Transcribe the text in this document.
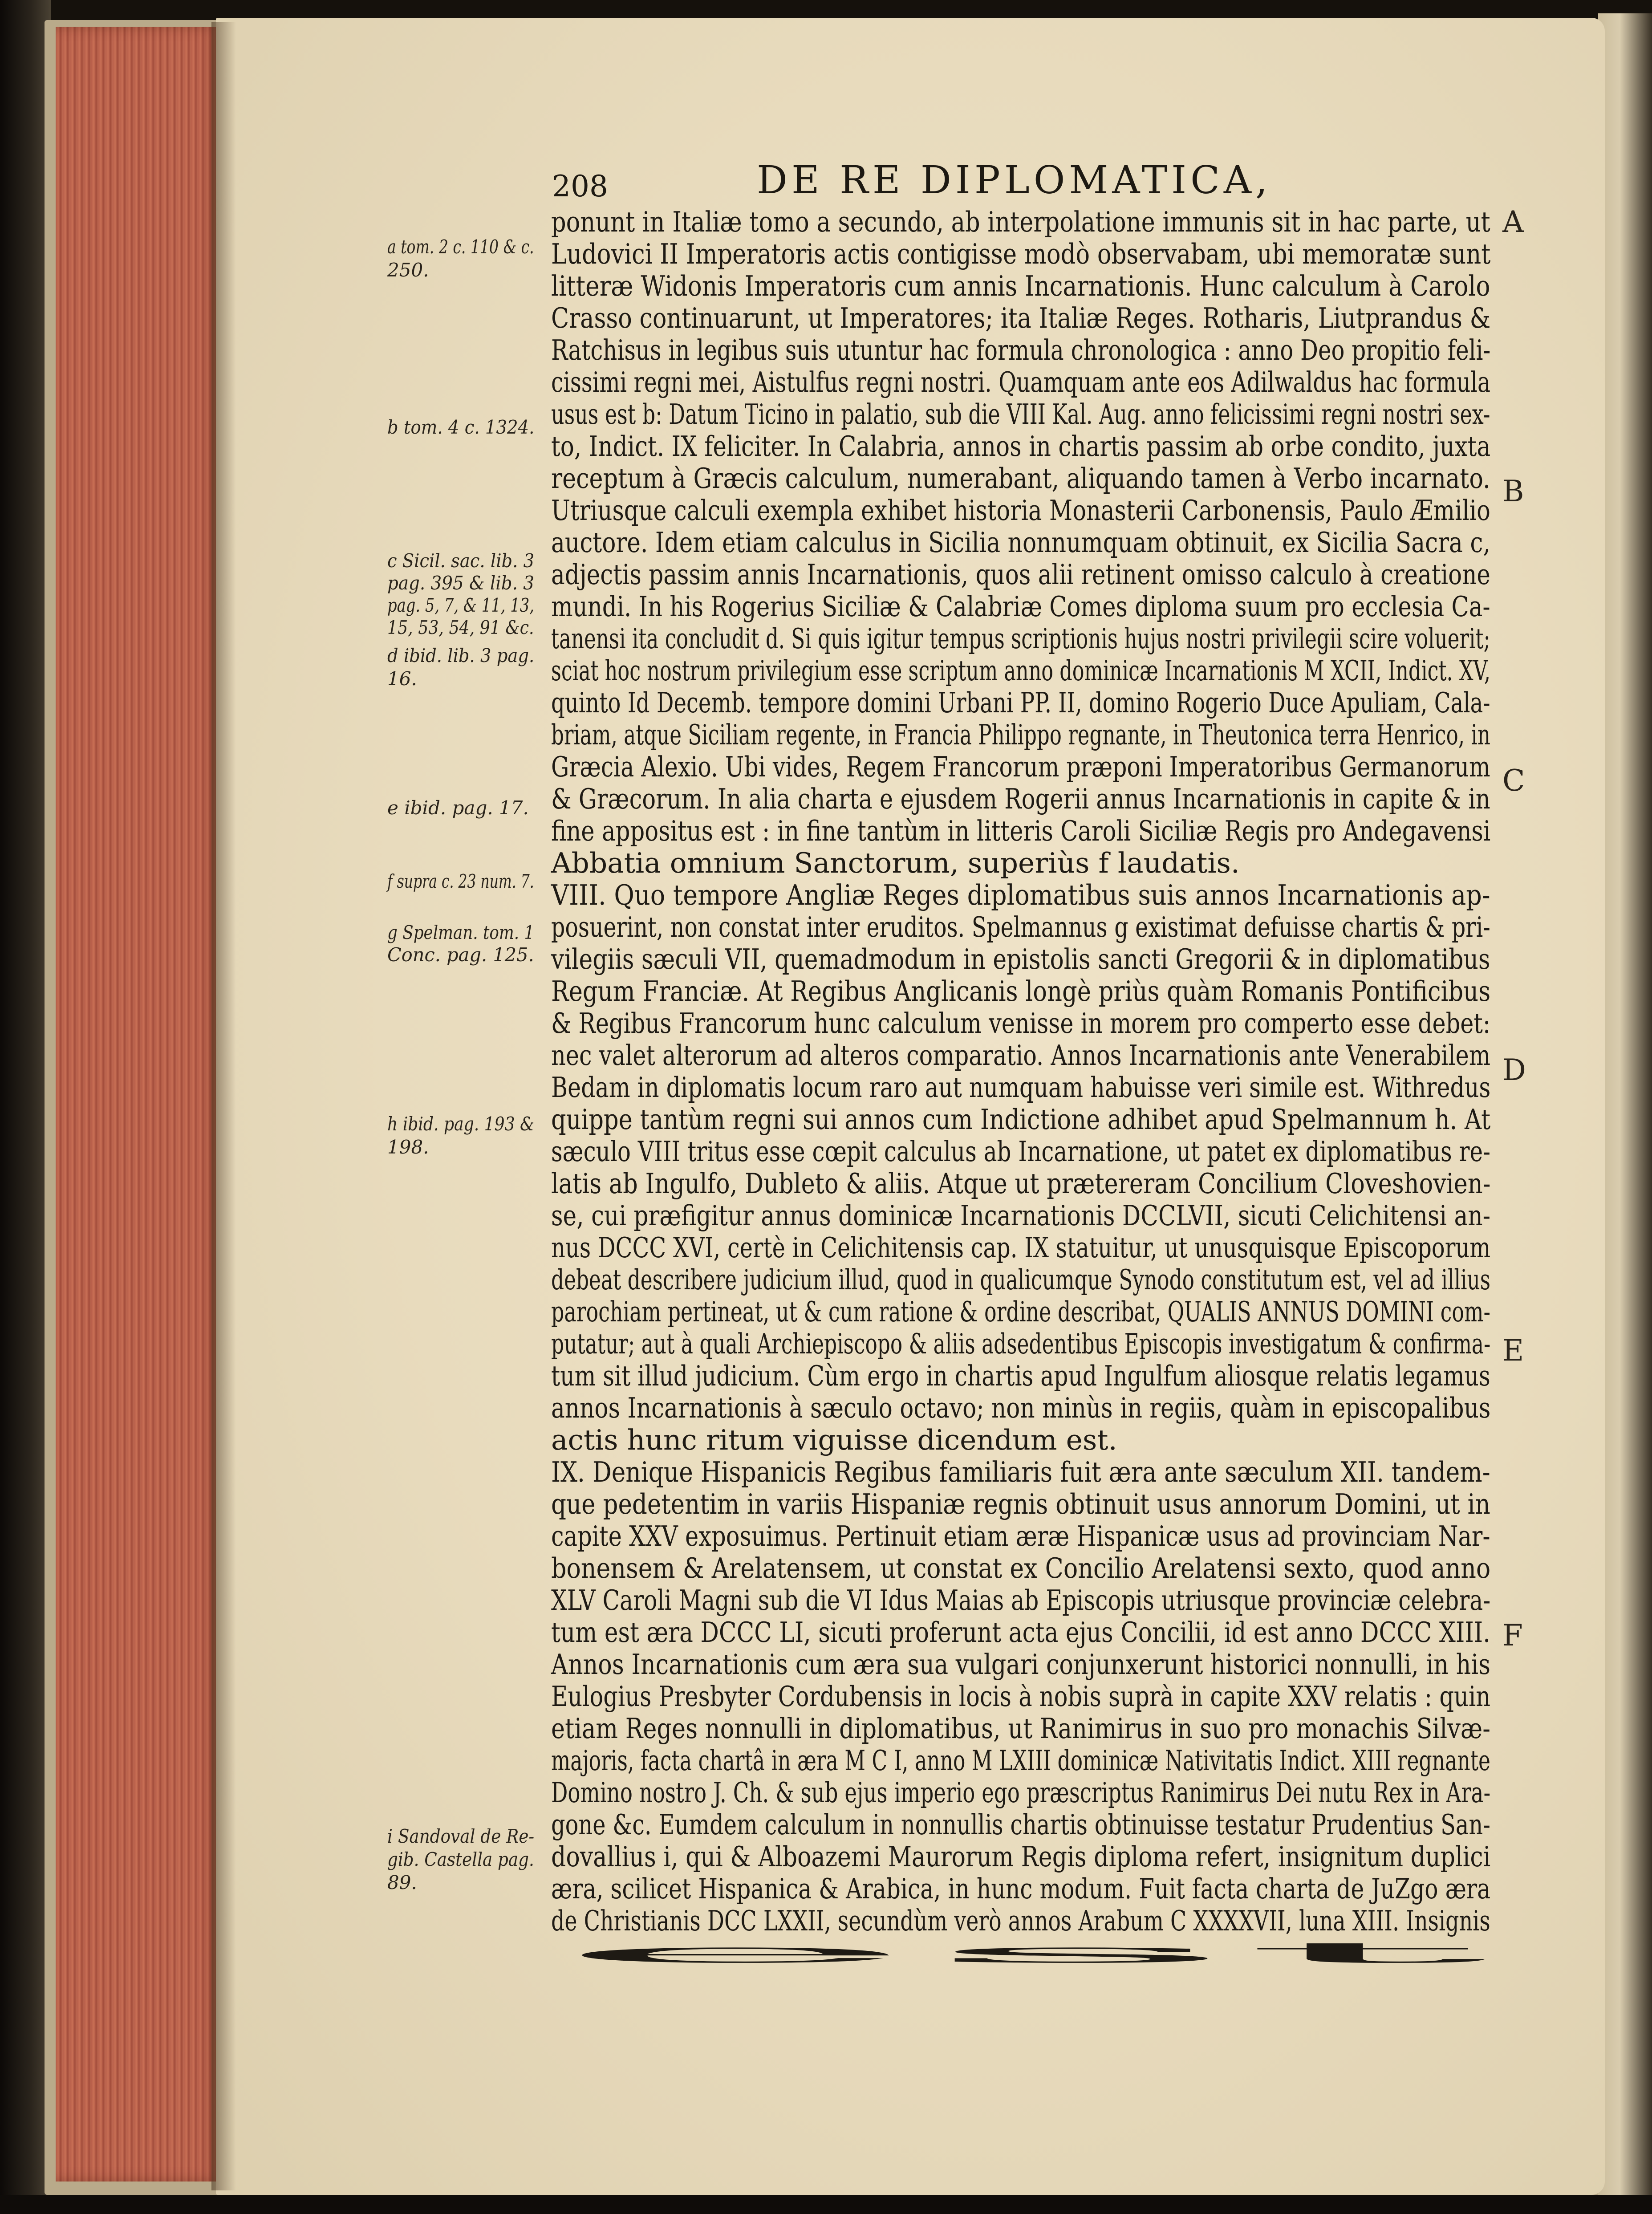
208	DE RE DIPLOMATICA,
ponunt in Italiæ tomo a secundo, ab interpolatione immunis sit in hac parte, ut
Ludovici II Imperatoris actis contigisse modò observabam, ubi memoratæ sunt
litteræ Widonis Imperatoris cum annis Incarnationis. Hunc calculum à Carolo
Crasso continuarunt, ut Imperatores; ita Italiæ Reges. Rotharis, Liutprandus &
Ratchisus in legibus suis utuntur hac formula chronologica : anno Deo propitio feli-
cissimi regni mei, Aistulfus regni nostri. Quamquam ante eos Adilwaldus hac formula
usus est b: Datum Ticino in palatio, sub die VIII Kal. Aug. anno felicissimi regni nostri sex-
to, Indict. IX feliciter. In Calabria, annos in chartis passim ab orbe condito, juxta
receptum à Græcis calculum, numerabant, aliquando tamen à Verbo incarnato.
Utriusque calculi exempla exhibet historia Monasterii Carbonensis, Paulo Æmilio
auctore. Idem etiam calculus in Sicilia nonnumquam obtinuit, ex Sicilia Sacra c,
adjectis passim annis Incarnationis, quos alii retinent omisso calculo à creatione
mundi. In his Rogerius Siciliæ & Calabriæ Comes diploma suum pro ecclesia Ca-
tanensi ita concludit d. Si quis igitur tempus scriptionis hujus nostri privilegii scire voluerit;
sciat hoc nostrum privilegium esse scriptum anno dominicæ Incarnationis M XCII, Indict. XV,
quinto Id Decemb. tempore domini Urbani PP. II, domino Rogerio Duce Apuliam, Cala-
briam, atque Siciliam regente, in Francia Philippo regnante, in Theutonica terra Henrico, in
Græcia Alexio. Ubi vides, Regem Francorum præponi Imperatoribus Germanorum
& Græcorum. In alia charta e ejusdem Rogerii annus Incarnationis in capite & in
fine appositus est : in fine tantùm in litteris Caroli Siciliæ Regis pro Andegavensi
Abbatia omnium Sanctorum, superiùs f laudatis.
VIII. Quo tempore Angliæ Reges diplomatibus suis annos Incarnationis ap-
posuerint, non constat inter eruditos. Spelmannus g existimat defuisse chartis & pri-
vilegiis sæculi VII, quemadmodum in epistolis sancti Gregorii & in diplomatibus
Regum Franciæ. At Regibus Anglicanis longè priùs quàm Romanis Pontificibus
& Regibus Francorum hunc calculum venisse in morem pro comperto esse debet:
nec valet alterorum ad alteros comparatio. Annos Incarnationis ante Venerabilem
Bedam in diplomatis locum raro aut numquam habuisse veri simile est. Withredus
quippe tantùm regni sui annos cum Indictione adhibet apud Spelmannum h. At
sæculo VIII tritus esse cœpit calculus ab Incarnatione, ut patet ex diplomatibus re-
latis ab Ingulfo, Dubleto & aliis. Atque ut prætereram Concilium Cloveshovien-
se, cui præfigitur annus dominicæ Incarnationis DCCLVII, sicuti Celichitensi an-
nus DCCC XVI, certè in Celichitensis cap. IX statuitur, ut unusquisque Episcoporum
debeat describere judicium illud, quod in qualicumque Synodo constitutum est, vel ad illius
parochiam pertineat, ut & cum ratione & ordine describat, QUALIS ANNUS DOMINI com-
putatur; aut à quali Archiepiscopo & aliis adsedentibus Episcopis investigatum & confirma-
tum sit illud judicium. Cùm ergo in chartis apud Ingulfum aliosque relatis legamus
annos Incarnationis à sæculo octavo; non minùs in regiis, quàm in episcopalibus
actis hunc ritum viguisse dicendum est.
IX. Denique Hispanicis Regibus familiaris fuit æra ante sæculum XII. tandem-
que pedetentim in variis Hispaniæ regnis obtinuit usus annorum Domini, ut in
capite XXV exposuimus. Pertinuit etiam æræ Hispanicæ usus ad provinciam Nar-
bonensem & Arelatensem, ut constat ex Concilio Arelatensi sexto, quod anno
XLV Caroli Magni sub die VI Idus Maias ab Episcopis utriusque provinciæ celebra-
tum est æra DCCC LI, sicuti proferunt acta ejus Concilii, id est anno DCCC XIII.
Annos Incarnationis cum æra sua vulgari conjunxerunt historici nonnulli, in his
Eulogius Presbyter Cordubensis in locis à nobis suprà in capite XXV relatis : quin
etiam Reges nonnulli in diplomatibus, ut Ranimirus in suo pro monachis Silvæ-
majoris, facta chartâ in æra M C I, anno M LXIII dominicæ Nativitatis Indict. XIII regnante
Domino nostro J. Ch. & sub ejus imperio ego præscriptus Ranimirus Dei nutu Rex in Ara-
gone &c. Eumdem calculum in nonnullis chartis obtinuisse testatur Prudentius San-
dovallius i, qui & Alboazemi Maurorum Regis diploma refert, insignitum duplici
æra, scilicet Hispanica & Arabica, in hunc modum. Fuit facta charta de JuZgo æra
de Christianis DCC LXXII, secundùm verò annos Arabum C XXXXVII, luna XIII. Insignis
est
a tom. 2 c. 110 & c.
250.
b tom. 4 c. 1324.
c Sicil. sac. lib. 3
pag. 395 & lib. 3
pag. 5, 7, & 11, 13,
15, 53, 54, 91 &c.
d ibid. lib. 3 pag.
16.
e ibid. pag. 17.
f supra c. 23 num. 7.
g Spelman. tom. 1
Conc. pag. 125.
h ibid. pag. 193 &
198.
i Sandoval de Re-
gib. Castella pag.
89.
A
B
C
D
E
F
